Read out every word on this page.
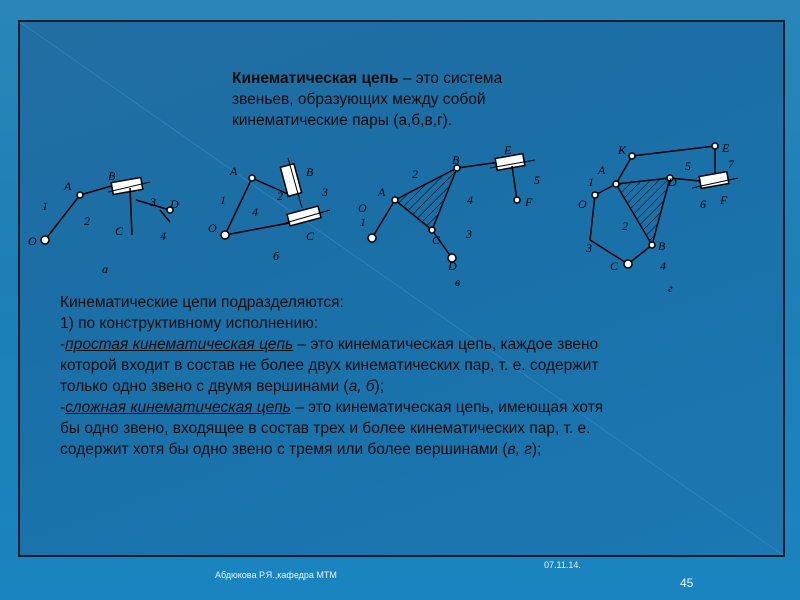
Кинематическая цепь – это система
звеньев, образующих между собой
кинематические пары (а,б,в,г).
O
A
B
C
D
1
2
3
4
а
O
A	B
C
1	2	3
4
б
O
A
B
C
D
E
F
1
2
3
4
5
в
O
A
B
C
D
E
F
K
1
2
3
4
5
6
7
г

Кинематические цепи подразделяются:

1) по конструктивному исполнению:

-простая кинематическая цепь – это кинематическая цепь, каждое звено

которой входит в состав не более двух кинематических пар, т. е. содержит

только одно звено с двумя вершинами (а, б);

-сложная кинематическая цепь – это кинематическая цепь, имеющая хотя

бы одно звено, входящее в состав трех и более кинематических пар, т. е.

содержит хотя бы одно звено с тремя или более вершинами (в, г);

Абдюкова Р.Я.,кафедра МТМ
07.11.14.
45
